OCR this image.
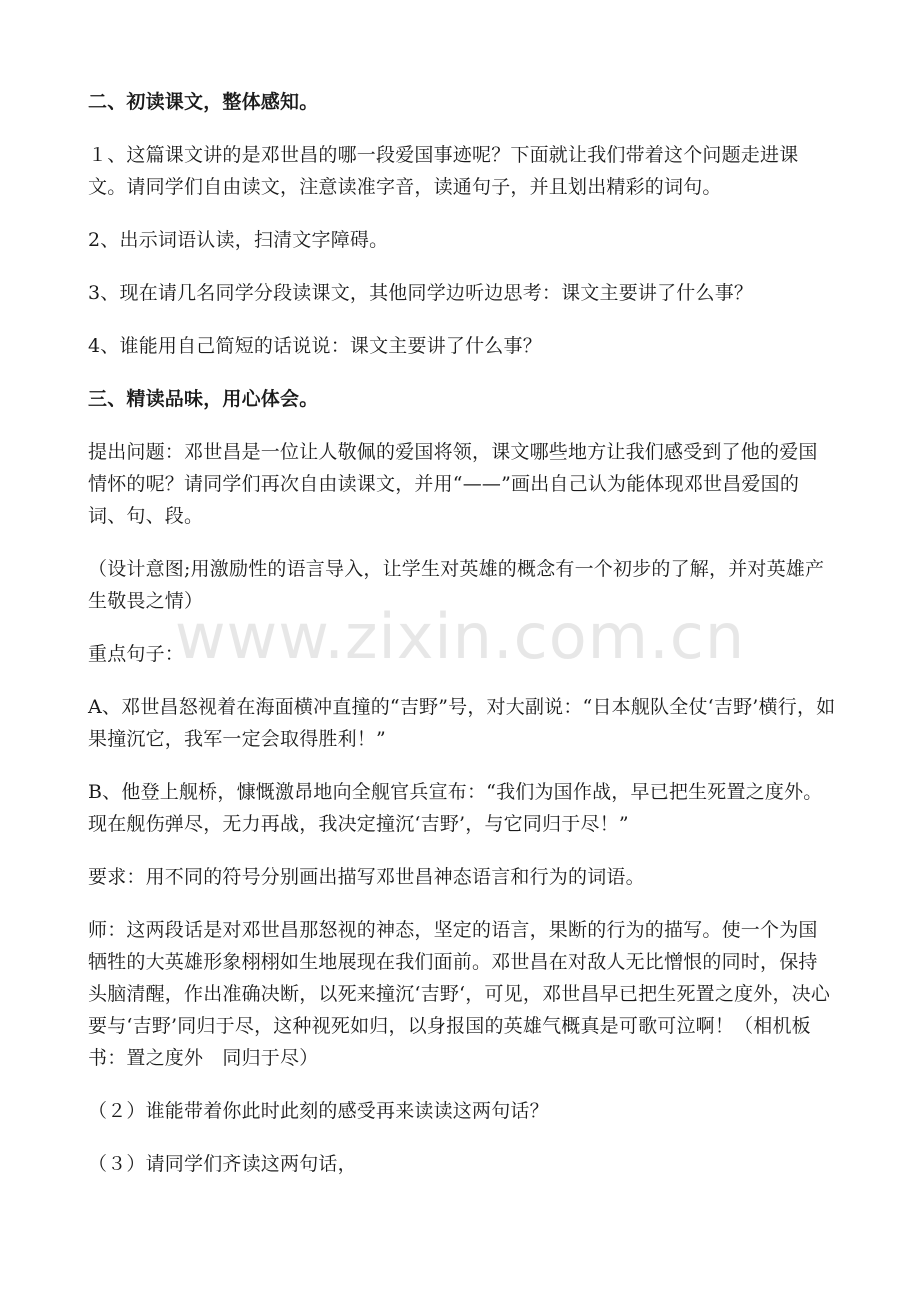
二、初读课文，整体感知。

１、这篇课文讲的是邓世昌的哪一段爱国事迹呢？下面就让我们带着这个问题走进课文。请同学们自由读文，注意读准字音，读通句子，并且划出精彩的词句。

2、出示词语认读，扫清文字障碍。

3、现在请几名同学分段读课文，其他同学边听边思考：课文主要讲了什么事？

4、谁能用自己简短的话说说：课文主要讲了什么事？

三、精读品味，用心体会。

提出问题：邓世昌是一位让人敬佩的爱国将领，课文哪些地方让我们感受到了他的爱国情怀的呢？请同学们再次自由读课文，并用“——”画出自己认为能体现邓世昌爱国的词、句、段。

（设计意图;用激励性的语言导入，让学生对英雄的概念有一个初步的了解，并对英雄产生敬畏之情）

重点句子：

A、邓世昌怒视着在海面横冲直撞的“吉野”号，对大副说：“日本舰队全仗‘吉野’横行，如果撞沉它，我军一定会取得胜利！”

B、他登上舰桥，慷慨激昂地向全舰官兵宣布：“我们为国作战，早已把生死置之度外。现在舰伤弹尽，无力再战，我决定撞沉‘吉野’，与它同归于尽！”

要求：用不同的符号分别画出描写邓世昌神态语言和行为的词语。

师：这两段话是对邓世昌那怒视的神态，坚定的语言，果断的行为的描写。使一个为国牺牲的大英雄形象栩栩如生地展现在我们面前。邓世昌在对敌人无比憎恨的同时，保持头脑清醒，作出准确决断，以死来撞沉‘吉野‘，可见，邓世昌早已把生死置之度外，决心要与‘吉野’同归于尽，这种视死如归，以身报国的英雄气概真是可歌可泣啊！（相机板书：置之度外　同归于尽）

（２）谁能带着你此时此刻的感受再来读读这两句话？

（３）请同学们齐读这两句话，

www.zixin.com.cn
